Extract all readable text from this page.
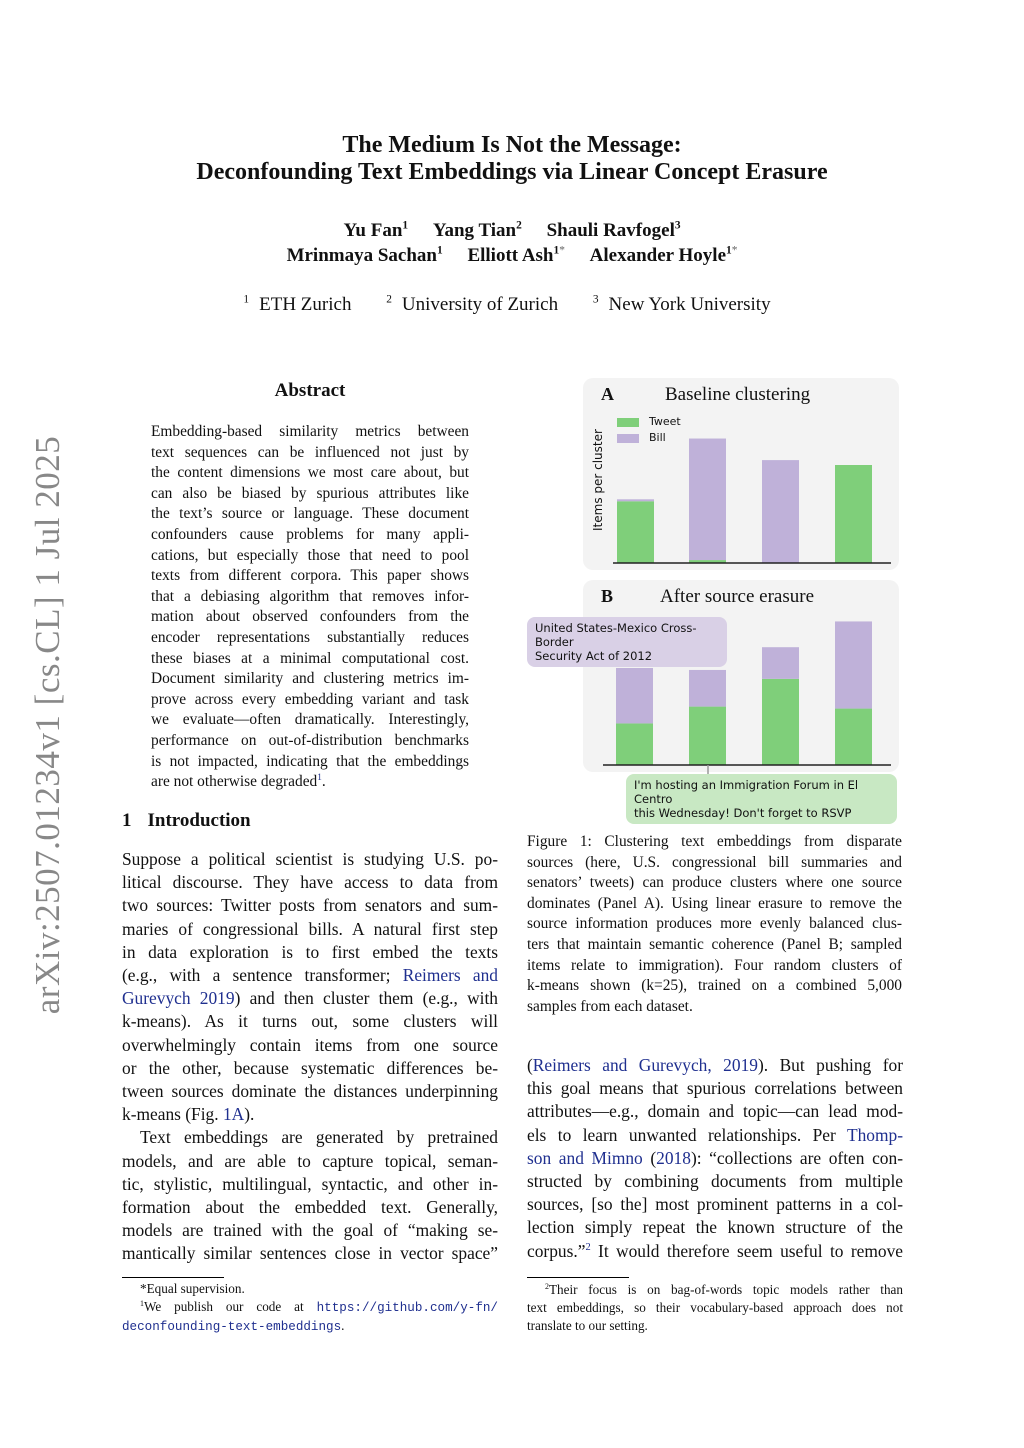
arXiv:2507.01234v1 [cs.CL] 1 Jul 2025
The Medium Is Not the Message:
Deconfounding Text Embeddings via Linear Concept Erasure
Yu Fan$^1$ Yang Tian$^2$ Shauli Ravfogel$^3$
Mrinmaya Sachan$^1$ Elliott Ash$^{1*}$ Alexander Hoyle$^{1*}$
$^1$ ETH Zurich	$^2$ University of Zurich	$^3$ New York University
Abstract
Embedding-based similarity metrics between
text sequences can be influenced not just by
the content dimensions we most care about, but
can also be biased by spurious attributes like
the text’s source or language. These document
confounders cause problems for many appli-
cations, but especially those that need to pool
texts from different corpora. This paper shows
that a debiasing algorithm that removes infor-
mation about observed confounders from the
encoder representations substantially reduces
these biases at a minimal computational cost.
Document similarity and clustering metrics im-
prove across every embedding variant and task
we evaluate—often dramatically. Interestingly,
performance on out-of-distribution benchmarks
is not impacted, indicating that the embeddings
are not otherwise degraded$^1$.
1 Introduction
Suppose a political scientist is studying U.S. po-
litical discourse. They have access to data from
two sources: Twitter posts from senators and sum-
maries of congressional bills. A natural first step
in data exploration is to first embed the texts
(e.g., with a sentence transformer; Reimers and
Gurevych 2019) and then cluster them (e.g., with
k-means). As it turns out, some clusters will
overwhelmingly contain items from one source
or the other, because systematic differences be-
tween sources dominate the distances underpinning
k-means (Fig. 1A).
Text embeddings are generated by pretrained
models, and are able to capture topical, seman-
tic, stylistic, multilingual, syntactic, and other in-
formation about the embedded text. Generally,
models are trained with the goal of “making se-
mantically similar sentences close in vector space”
*Equal supervision.
$^1$We publish our code at https://github.com/y-fn/
deconfounding-text-embeddings.
A	Baseline clustering
Items per cluster
Tweet
Bill
B After source erasure
United States-Mexico Cross-Border
Security Act of 2012
I'm hosting an Immigration Forum in El Centro
this Wednesday! Don't forget to RSVP
Figure 1: Clustering text embeddings from disparate
sources (here, U.S. congressional bill summaries and
senators’ tweets) can produce clusters where one source
dominates (Panel A). Using linear erasure to remove the
source information produces more evenly balanced clus-
ters that maintain semantic coherence (Panel B; sampled
items relate to immigration). Four random clusters of
k-means shown (k=25), trained on a combined 5,000
samples from each dataset.
(Reimers and Gurevych, 2019). But pushing for
this goal means that spurious correlations between
attributes—e.g., domain and topic—can lead mod-
els to learn unwanted relationships. Per Thomp-
son and Mimno (2018): “collections are often con-
structed by combining documents from multiple
sources, [so the] most prominent patterns in a col-
lection simply repeat the known structure of the
corpus.”$^2$ It would therefore seem useful to remove
$^2$Their focus is on bag-of-words topic models rather than
text embeddings, so their vocabulary-based approach does not
translate to our setting.
